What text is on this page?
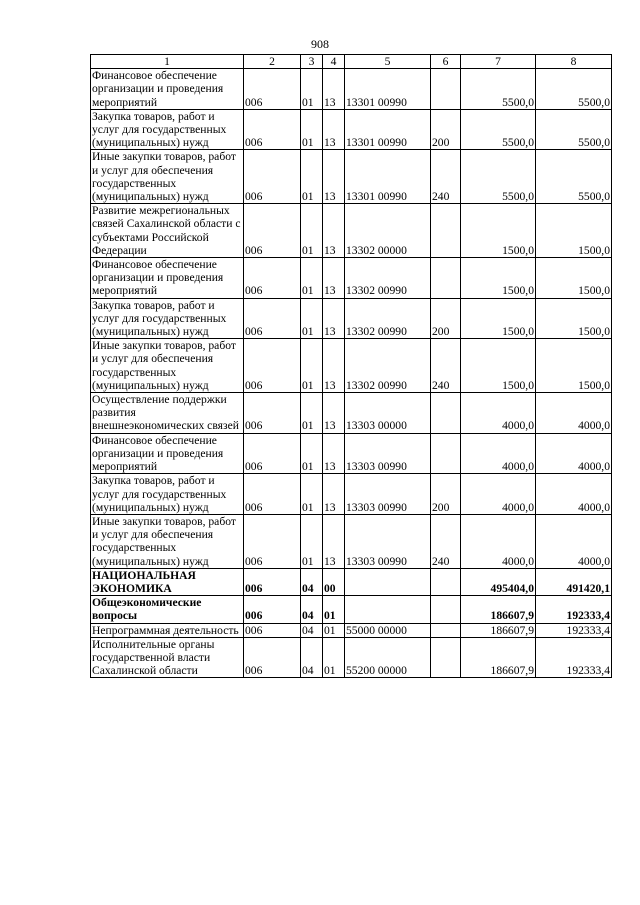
908
1	2	3	4	5	6	7	8
Финансовое обеспечение организации и проведения мероприятий	006	01	13	13301 00990		5500,0	5500,0
Закупка товаров, работ и услуг для государственных (муниципальных) нужд	006	01	13	13301 00990	200	5500,0	5500,0
Иные закупки товаров, работ и услуг для обеспечения государственных (муниципальных) нужд	006	01	13	13301 00990	240	5500,0	5500,0
Развитие межрегиональных связей Сахалинской области с субъектами Российской Федерации	006	01	13	13302 00000		1500,0	1500,0
Финансовое обеспечение организации и проведения мероприятий	006	01	13	13302 00990		1500,0	1500,0
Закупка товаров, работ и услуг для государственных (муниципальных) нужд	006	01	13	13302 00990	200	1500,0	1500,0
Иные закупки товаров, работ и услуг для обеспечения государственных (муниципальных) нужд	006	01	13	13302 00990	240	1500,0	1500,0
Осуществление поддержки развития внешнеэкономических связей	006	01	13	13303 00000		4000,0	4000,0
Финансовое обеспечение организации и проведения мероприятий	006	01	13	13303 00990		4000,0	4000,0
Закупка товаров, работ и услуг для государственных (муниципальных) нужд	006	01	13	13303 00990	200	4000,0	4000,0
Иные закупки товаров, работ и услуг для обеспечения государственных (муниципальных) нужд	006	01	13	13303 00990	240	4000,0	4000,0
НАЦИОНАЛЬНАЯ ЭКОНОМИКА	006	04	00			495404,0	491420,1
Общеэкономические вопросы	006	04	01			186607,9	192333,4
Непрограммная деятельность	006	04	01	55000 00000		186607,9	192333,4
Исполнительные органы государственной власти Сахалинской области	006	04	01	55200 00000		186607,9	192333,4
